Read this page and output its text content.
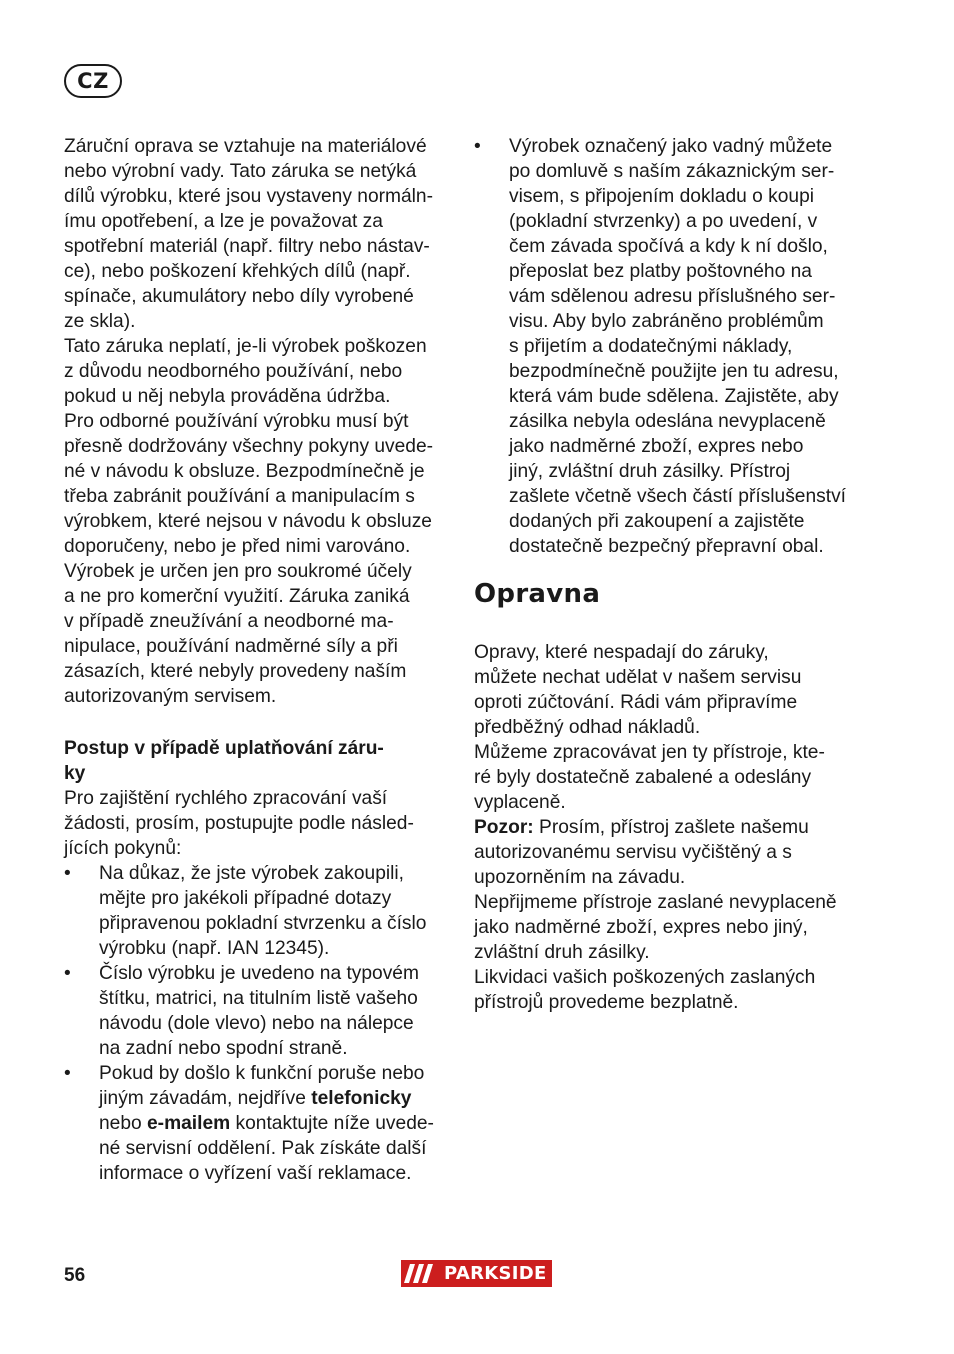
CZ
Záruční oprava se vztahuje na materiálové
nebo výrobní vady. Tato záruka se netýká
dílů výrobku, které jsou vystaveny normáln-
ímu opotřebení, a lze je považovat za
spotřební materiál (např. filtry nebo nástav-
ce), nebo poškození křehkých dílů (např.
spínače, akumulátory nebo díly vyrobené
ze skla).
Tato záruka neplatí, je-li výrobek poškozen
z důvodu neodborného používání, nebo
pokud u něj nebyla prováděna údržba.
Pro odborné používání výrobku musí být
přesně dodržovány všechny pokyny uvede-
né v návodu k obsluze. Bezpodmínečně je
třeba zabránit používání a manipulacím s
výrobkem, které nejsou v návodu k obsluze
doporučeny, nebo je před nimi varováno.
Výrobek je určen jen pro soukromé účely
a ne pro komerční využití. Záruka zaniká
v případě zneužívání a neodborné ma-
nipulace, používání nadměrné síly a při
zásazích, které nebyly provedeny naším
autorizovaným servisem.
Postup v případě uplatňování záru-
ky
Pro zajištění rychlého zpracování vaší
žádosti, prosím, postupujte podle násled-
jících pokynů:
• Na důkaz, že jste výrobek zakoupili,
mějte pro jakékoli případné dotazy
připravenou pokladní stvrzenku a číslo
výrobku (např. IAN 12345).
• Číslo výrobku je uvedeno na typovém
štítku, matrici, na titulním listě vašeho
návodu (dole vlevo) nebo na nálepce
na zadní nebo spodní straně.
• Pokud by došlo k funkční poruše nebo
jiným závadám, nejdříve telefonicky
nebo e-mailem kontaktujte níže uvede-
né servisní oddělení. Pak získáte další
informace o vyřízení vaší reklamace.
• Výrobek označený jako vadný můžete
po domluvě s naším zákaznickým ser-
visem, s připojením dokladu o koupi
(pokladní stvrzenky) a po uvedení, v
čem závada spočívá a kdy k ní došlo,
přeposlat bez platby poštovného na
vám sdělenou adresu příslušného ser-
visu. Aby bylo zabráněno problémům
s přijetím a dodatečnými náklady,
bezpodmínečně použijte jen tu adresu,
která vám bude sdělena. Zajistěte, aby
zásilka nebyla odeslána nevyplaceně
jako nadměrné zboží, expres nebo
jiný, zvláštní druh zásilky. Přístroj
zašlete včetně všech částí příslušenství
dodaných při zakoupení a zajistěte
dostatečně bezpečný přepravní obal.
Opravna
Opravy, které nespadají do záruky,
můžete nechat udělat v našem servisu
oproti zúčtování. Rádi vám připravíme
předběžný odhad nákladů.
Můžeme zpracovávat jen ty přístroje, kte-
ré byly dostatečně zabalené a odeslány
vyplaceně.
Pozor: Prosím, přístroj zašlete našemu
autorizovanému servisu vyčištěný a s
upozorněním na závadu.
Nepřijmeme přístroje zaslané nevyplaceně
jako nadměrné zboží, expres nebo jiný,
zvláštní druh zásilky.
Likvidaci vašich poškozených zaslaných
přístrojů provedeme bezplatně.
56	PARKSIDE
